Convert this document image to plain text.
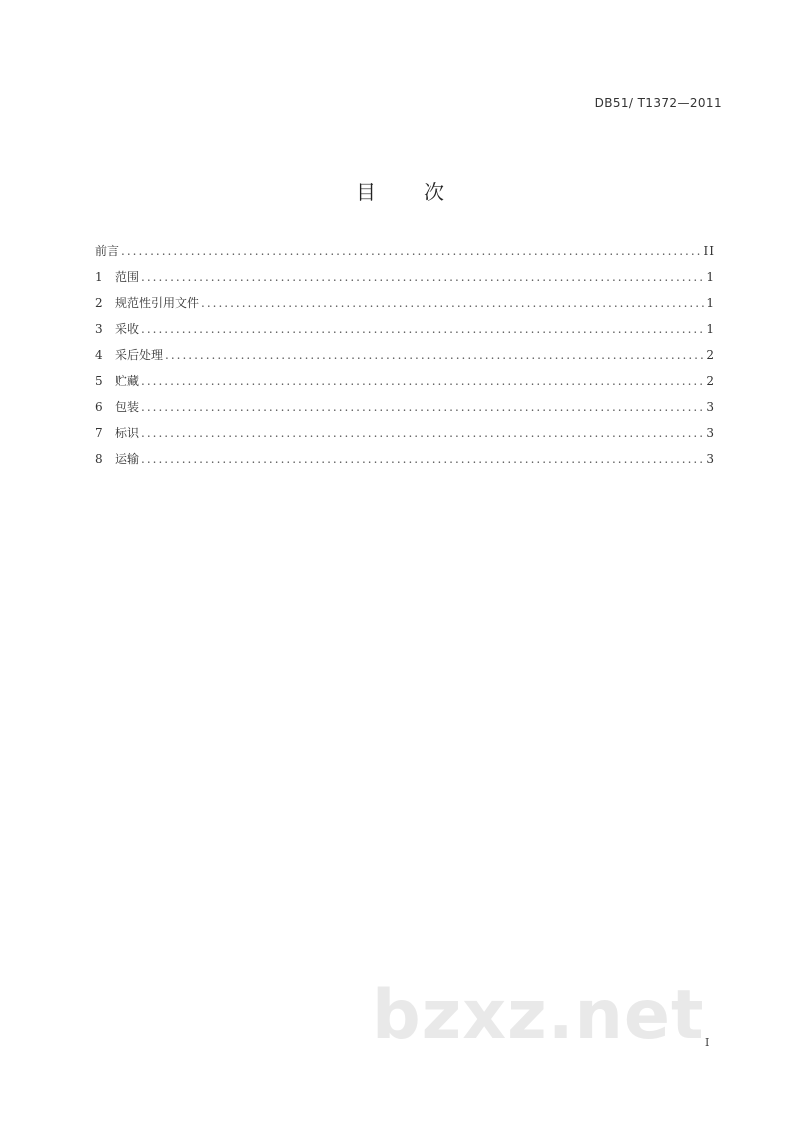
DB51/ T1372—2011
目 次
前言 .....	II
1	范围 .....	1
2	规范性引用文件 .....	1
3	采收 .....	1
4	采后处理 .....	2
5	贮藏 .....	2
6	包装 .....	3
7	标识 .....	3
8	运输 .....	3
bzxz.net I
